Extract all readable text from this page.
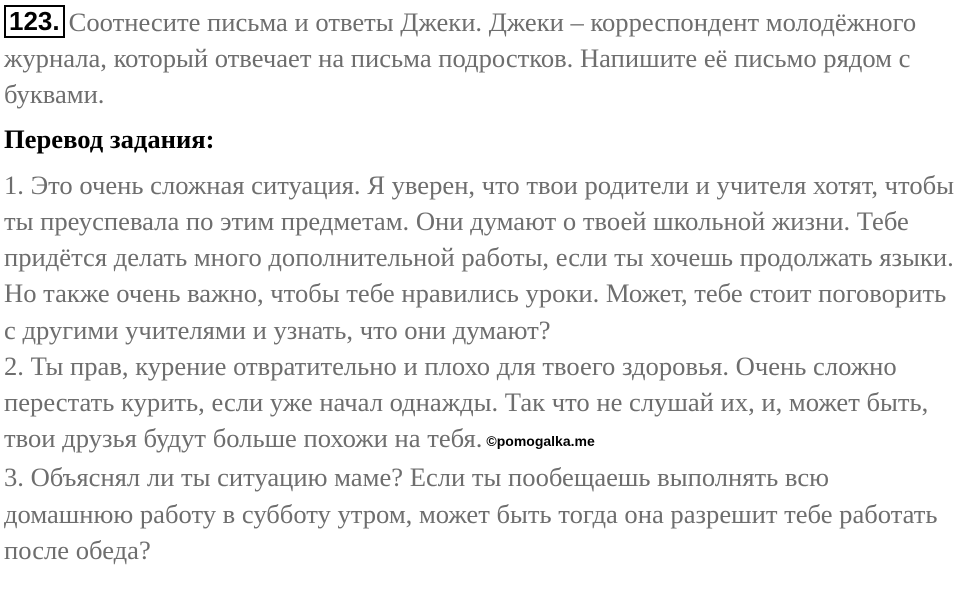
123. Соотнесите письма и ответы Джеки. Джеки – корреспондент молодёжного журнала, который отвечает на письма подростков. Напишите её письмо рядом с буквами.

Перевод задания:

1. Это очень сложная ситуация. Я уверен, что твои родители и учителя хотят, чтобы ты преуспевала по этим предметам. Они думают о твоей школьной жизни. Тебе придётся делать много дополнительной работы, если ты хочешь продолжать языки. Но также очень важно, чтобы тебе нравились уроки. Может, тебе стоит поговорить с другими учителями и узнать, что они думают?

2. Ты прав, курение отвратительно и плохо для твоего здоровья. Очень сложно перестать курить, если уже начал однажды. Так что не слушай их, и, может быть, твои друзья будут больше похожи на тебя. ©pomogalka.me

3. Объяснял ли ты ситуацию маме? Если ты пообещаешь выполнять всю домашнюю работу в субботу утром, может быть тогда она разрешит тебе работать после обеда?
